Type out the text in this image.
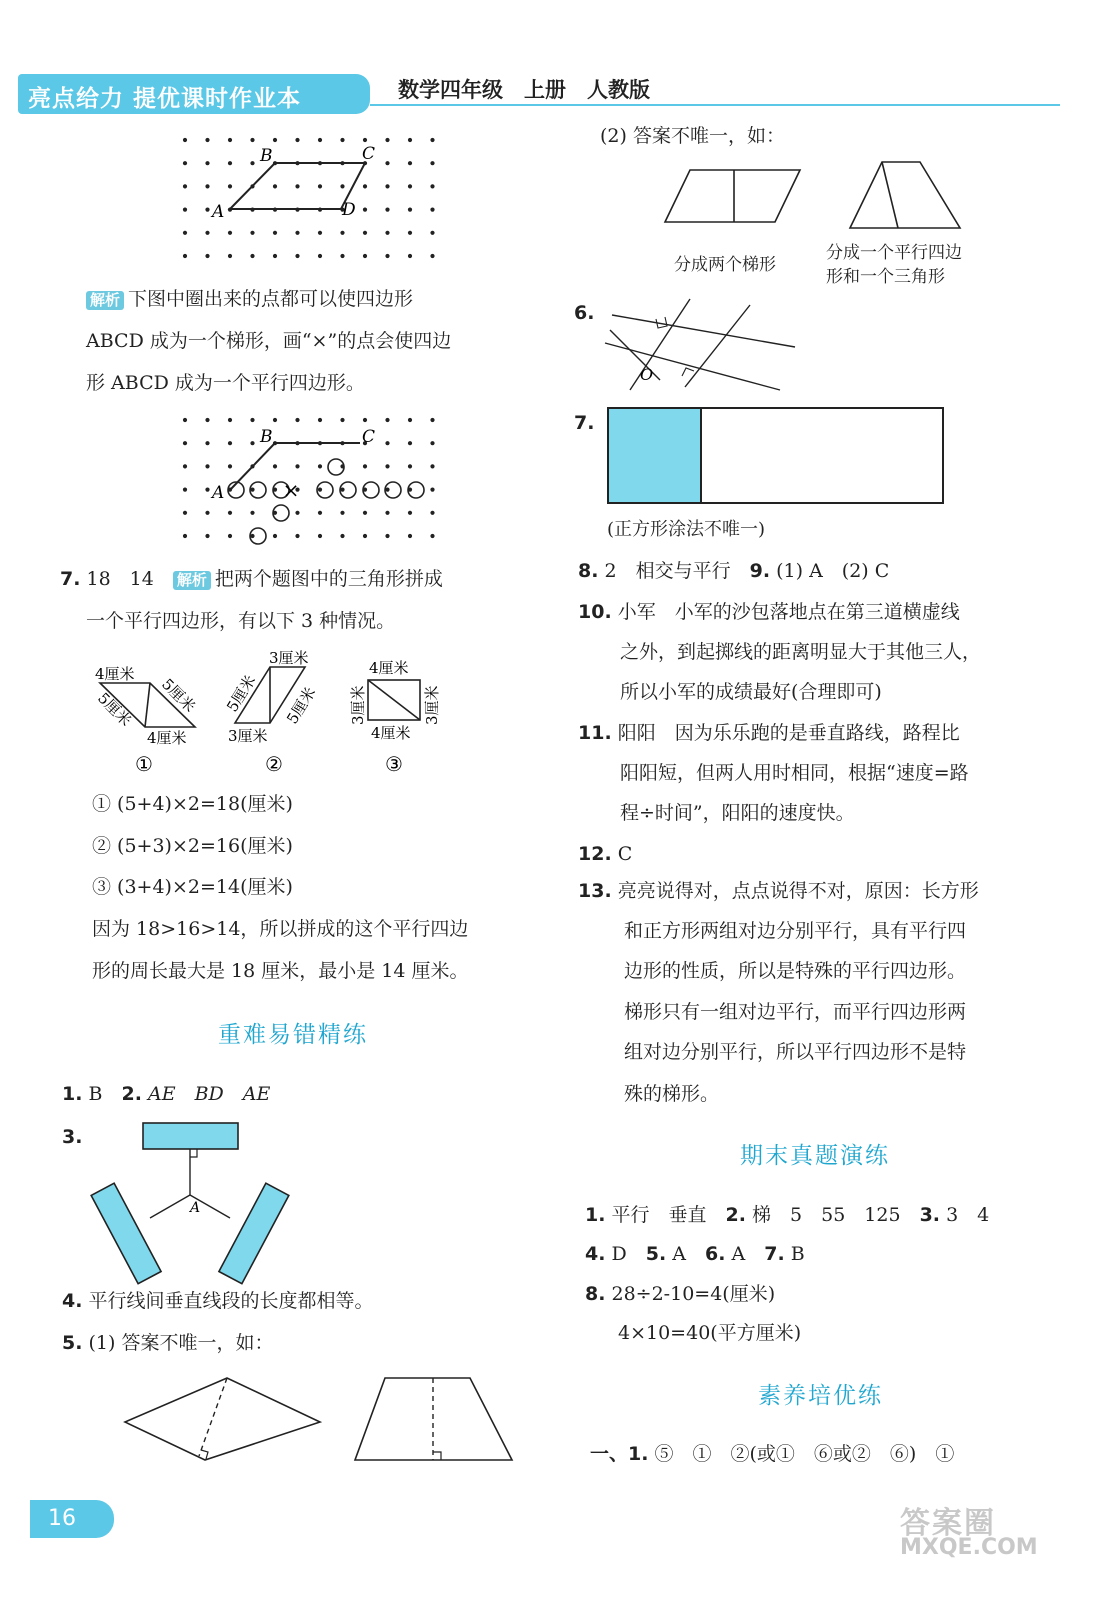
亮点给力 提优课时作业本	数学四年级　上册　人教版
B	C
A	D
解析 下图中圈出来的点都可以使四边形
ABCD 成为一个梯形，画“×”的点会使四边
形 ABCD 成为一个平行四边形。
×
B	C
A
7. 18　14　 解析 把两个题图中的三角形拼成
一个平行四边形，有以下 3 种情况。
4厘米
5厘米
5厘米
4厘米
①
3厘米
5厘米 5厘米
3厘米
②
4厘米
3厘米	3厘米
4厘米
③
① (5+4)×2=18(厘米)
② (5+3)×2=16(厘米)
③ (3+4)×2=14(厘米)
因为 18>16>14，所以拼成的这个平行四边
形的周长最大是 18 厘米，最小是 14 厘米。
重难易错精练
1. B　 2. AE　BD　AE
3.
A
4. 平行线间垂直线段的长度都相等。
5. (1) 答案不唯一，如：
(2) 答案不唯一，如：
分成两个梯形
分成一个平行四边
形和一个三角形
6.
O
7.
(正方形涂法不唯一)
8. 2　相交与平行　 9. (1) A　(2) C
10. 小军　小军的沙包落地点在第三道横虚线
之外，到起掷线的距离明显大于其他三人，
所以小军的成绩最好(合理即可)
11. 阳阳　因为乐乐跑的是垂直路线，路程比
阳阳短，但两人用时相同，根据“速度=路
程÷时间”，阳阳的速度快。
12. C
13. 亮亮说得对，点点说得不对，原因：长方形
和正方形两组对边分别平行，具有平行四
边形的性质，所以是特殊的平行四边形。
梯形只有一组对边平行，而平行四边形两
组对边分别平行，所以平行四边形不是特
殊的梯形。
期末真题演练
1. 平行　垂直　 2. 梯　5　55　125　 3. 3　4
4. D　 5. A　 6. A　 7. B
8. 28÷2-10=4(厘米)
4×10=40(平方厘米)
素养培优练
一、1. ⑤　①　②(或①　⑥或②　⑥)　①
16	答案圈
MXQE.COM
